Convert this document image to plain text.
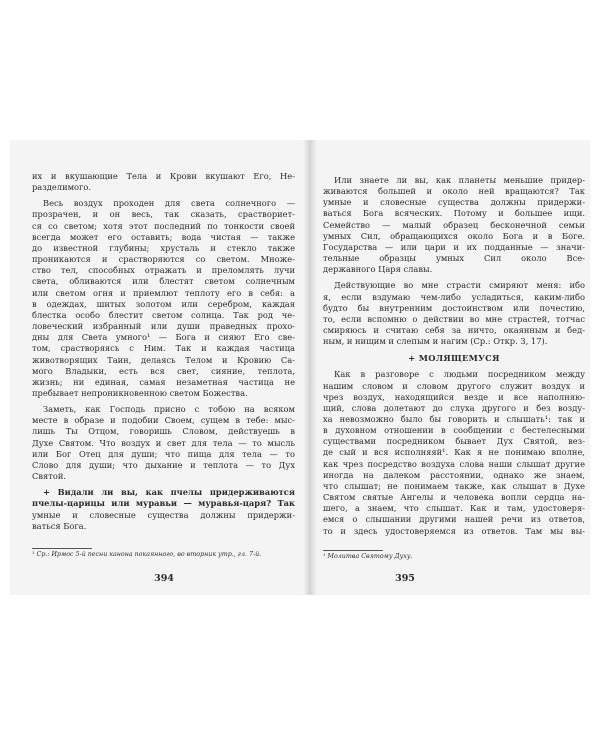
их и вкушающие Тела и Крови вкушают Его, Не-
разделимого.
Весь воздух проходен для света солнечного —
прозрачен, и он весь, так сказать, сраствориет-
ся со светом; хотя этот последний по тонкости своей
всегда может его оставить; вода чистая — также
до известной глубины; хрусталь и стекло также
проникаются и срастворяются со светом. Множе-
ство тел, способных отражать и преломлять лучи
света, обливаются или блестят светом солнечным
или светом огня и приемлют теплоту его в себя: а
в одеждах, шитых золотом или серебром, каждая
блестка особо блестит светом солнца. Так род че-
ловеческий избранный или души праведных прохо-
дны для Света умного¹ — Бога и сияют Его све-
том, срастворяясь с Ним. Так и каждая частица
животворящих Таин, делаясь Телом и Кровию Са-
мого Владыки, есть вся свет, сияние, теплота,
жизнь; ни единая, самая незаметная частица не
пребывает непроникновенною светом Божества.
Заметь, как Господь присно с тобою на всяком
месте в образе и подобии Своем, сущем в тебе: мыс-
лишь Ты Отцом, говоришь Словом, действуешь в
Духе Святом. Что воздух и свет для тела — то мысль
или Бог Отец для души; что пища для тела — то
Слово для души; что дыхание и теплота — то Дух
Святой.
+ Видали ли вы, как пчелы придерживаются
пчелы-царицы или муравьи — муравья-царя? Так
умные и словесные существа должны придержи-
ваться Бога.
¹ Ср.: Ирмос 5-й песни канона покаянного, во вторник утр., гл. 7-й.
394
Или знаете ли вы, как планеты меньшие придер-
живаются большей и около ней вращаются? Так
умные и словесные существа должны придержи-
ваться Бога всяческих. Потому и большее ищи.
Семейство — малый образец бесконечной семьи
умных Сил, обращающихся около Бога и в Боге.
Государства — или цари и их подданные — значи-
тельные образцы умных Сил около Все-
державного Царя славы.
Действующие во мне страсти смиряют меня: ибо
я, если вздумаю чем-либо усладиться, каким-либо
будто бы внутренним достоинством или почестию,
то, если вспомню о действии во мне страстей, тотчас
смиряюсь и считаю себя за ничто, окаянным и бед-
ным, и нищим и слепым и нагим (Ср.: Откр. 3, 17).
+ МОЛЯЩЕМУСЯ
Как в разговоре с людьми посредником между
нашим словом и словом другого служит воздух и
чрез воздух, находящийся везде и все наполняю-
щий, слова долетают до слуха другого и без возду-
ха невозможно было бы говорить и слышать¹: так и
в духовном отношении в сообщении с бестелесными
существами посредником бывает Дух Святой, вез-
де сый и вся исполняяй¹. Как я не понимаю вполне,
как чрез посредство воздуха слова наши слышат другие
иногда на далеком расстоянии, однако же знаем,
что слышат; не понимаем также, как слышат в Духе
Святом святые Ангелы и человека вопли сердца на-
шего, а знаем, что слышат. Как и там, удостоверя-
емся о слышании другими нашей речи из ответов,
то и здесь удостоверяемся из ответов. Там мы вы-
¹ Молитва Святому Духу.
395
